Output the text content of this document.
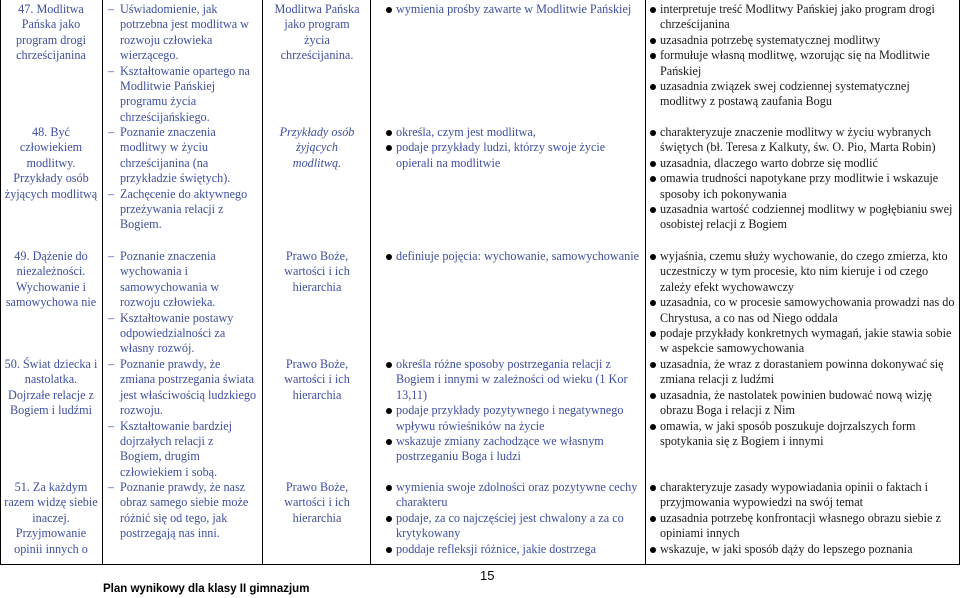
47. Modlitwa Pańska jako program drogi chrześcijanina
– Uświadomienie, jak potrzebna jest modlitwa w rozwoju człowieka wierzącego.
– Kształtowanie opartego na Modlitwie Pańskiej programu życia chrześcijańskiego.
Modlitwa Pańska jako program życia chrześcijanina.
wymienia prośby zawarte w Modlitwie Pańskiej	interpretuje treść Modlitwy Pańskiej jako program drogi chrześcijanina
uzasadnia potrzebę systematycznej modlitwy
formułuje własną modlitwę, wzorując się na Modlitwie Pańskiej
uzasadnia związek swej codziennej systematycznej modlitwy z postawą zaufania Bogu
48. Być człowiekiem modlitwy. Przykłady osób żyjących modlitwą
– Poznanie znaczenia modlitwy w życiu chrześcijanina (na przykładzie świętych).
– Zachęcenie do aktywnego przeżywania relacji z Bogiem.
Przykłady osób żyjących modlitwą.
określa, czym jest modlitwa,
podaje przykłady ludzi, którzy swoje życie opierali na modlitwie
charakteryzuje znaczenie modlitwy w życiu wybranych świętych (bł. Teresa z Kalkuty, św. O. Pio, Marta Robin)
uzasadnia, dlaczego warto dobrze się modlić
omawia trudności napotykane przy modlitwie i wskazuje sposoby ich pokonywania
uzasadnia wartość codziennej modlitwy w pogłębianiu swej osobistej relacji z Bogiem
49. Dążenie do niezależności. Wychowanie i samowychowa nie
– Poznanie znaczenia wychowania i samowychowania w rozwoju człowieka.
– Kształtowanie postawy odpowiedzialności za własny rozwój.
Prawo Boże, wartości i ich hierarchia
definiuje pojęcia: wychowanie, samowychowanie	wyjaśnia, czemu służy wychowanie, do czego zmierza, kto uczestniczy w tym procesie, kto nim kieruje i od czego zależy efekt wychowawczy
uzasadnia, co w procesie samowychowania prowadzi nas do Chrystusa, a co nas od Niego oddala
podaje przykłady konkretnych wymagań, jakie stawia sobie w aspekcie samowychowania
50. Świat dziecka i nastolatka. Dojrzałe relacje z Bogiem i ludźmi
– Poznanie prawdy, że zmiana postrzegania świata jest właściwością ludzkiego rozwoju.
– Kształtowanie bardziej dojrzałych relacji z Bogiem, drugim człowiekiem i sobą.
Prawo Boże, wartości i ich hierarchia
określa różne sposoby postrzegania relacji z Bogiem i innymi w zależności od wieku (1 Kor 13,11)
podaje przykłady pozytywnego i negatywnego wpływu rówieśników na życie
wskazuje zmiany zachodzące we własnym postrzeganiu Boga i ludzi
uzasadnia, że wraz z dorastaniem powinna dokonywać się zmiana relacji z ludźmi
uzasadnia, że nastolatek powinien budować nową wizję obrazu Boga i relacji z Nim
omawia, w jaki sposób poszukuje dojrzalszych form spotykania się z Bogiem i innymi
51. Za każdym razem widzę siebie inaczej. Przyjmowanie opinii innych o
– Poznanie prawdy, że nasz obraz samego siebie może różnić się od tego, jak postrzegają nas inni.
Prawo Boże, wartości i ich hierarchia
wymienia swoje zdolności oraz pozytywne cechy charakteru
podaje, za co najczęściej jest chwalony a za co krytykowany
poddaje refleksji różnice, jakie dostrzega
charakteryzuje zasady wypowiadania opinii o faktach i przyjmowania wypowiedzi na swój temat
uzasadnia potrzebę konfrontacji własnego obrazu siebie z opiniami innych
wskazuje, w jaki sposób dąży do lepszego poznania
15
Plan wynikowy dla klasy II gimnazjum
